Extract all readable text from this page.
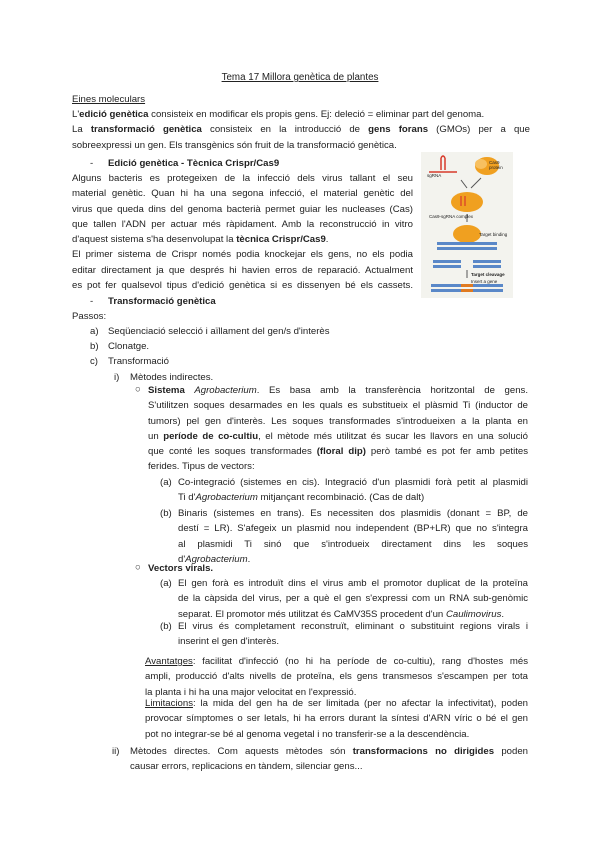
Tema 17 Millora genètica de plantes
Eines moleculars
L'edició genètica consisteix en modificar els propis gens. Ej: deleció = eliminar part del genoma.
La transformació genètica consisteix en la introducció de gens forans (GMOs) per a que
sobreexpressi un gen. Els transgènics són fruit de la transformació genètica.
- Edició genètica - Tècnica Crispr/Cas9
Alguns bacteris es protegeixen de la infecció dels virus tallant el seu
material genètic. Quan hi ha una segona infecció, el material genètic del
virus que queda dins del genoma bacterià permet guiar les nucleases (Cas)
que tallen l'ADN per actuar més ràpidament. Amb la reconstrucció in vitro
d'aquest sistema s'ha desenvolupat la tècnica Crispr/Cas9.
El primer sistema de Crispr només podia knockejar els gens, no els podia
editar directament ja que després hi havien erros de reparació. Actualment
es pot fer qualsevol tipus d'edició genètica si es dissenyen bé els cassets.
sgRNA
Cas9 protein
Cas9-sgRNA complex
Target binding
Target cleavage
Insert a gene
- Transformació genètica
Passos:
a) Seqüenciació selecció i aïllament del gen/s d'interès
b) Clonatge.
c) Transformació
i) Mètodes indirectes.
○ Sistema Agrobacterium. Es basa amb la transferència horitzontal de gens.
S'utilitzen soques desarmades en les quals es substitueix el plàsmid Ti (inductor de
tumors) pel gen d'interès. Les soques transformades s'introdueixen a la planta en
un període de co-cultiu, el mètode més utilitzat és sucar les llavors en una solució
que conté les soques transformades (floral dip) però també es pot fer amb petites
ferides. Tipus de vectors:
(a) Co-integració (sistemes en cis). Integració d'un plasmidi forà petit al plasmidi
Ti d'Agrobacterium mitjançant recombinació. (Cas de dalt)
(b) Binaris (sistemes en trans). Es necessiten dos plasmidis (donant = BP, de
destí = LR). S'afegeix un plasmid nou independent (BP+LR) que no s'integra
al plasmidi Ti sinó que s'introdueix directament dins les soques
d'Agrobacterium.
○ Vectors virals.
(a) El gen forà es introduït dins el virus amb el promotor duplicat de la proteïna
de la càpsida del virus, per a què el gen s'expressi com un RNA sub-genòmic
separat. El promotor més utilitzat és CaMV35S procedent d'un Caulimovirus.
(b) El virus és completament reconstruït, eliminant o substituint regions virals i
inserint el gen d'interès.
Avantatges: facilitat d'infecció (no hi ha període de co-cultiu), rang d'hostes més
ampli, producció d'alts nivells de proteïna, els gens transmesos s'escampen per tota
la planta i hi ha una major velocitat en l'expressió.
Limitacions: la mida del gen ha de ser limitada (per no afectar la infectivitat), poden
provocar símptomes o ser letals, hi ha errors durant la síntesi d'ARN víric o bé el gen
pot no integrar-se bé al genoma vegetal i no transferir-se a la descendència.
ii) Mètodes directes. Com aquests mètodes són transformacions no dirigides poden
causar errors, replicacions en tàndem, silenciar gens...
